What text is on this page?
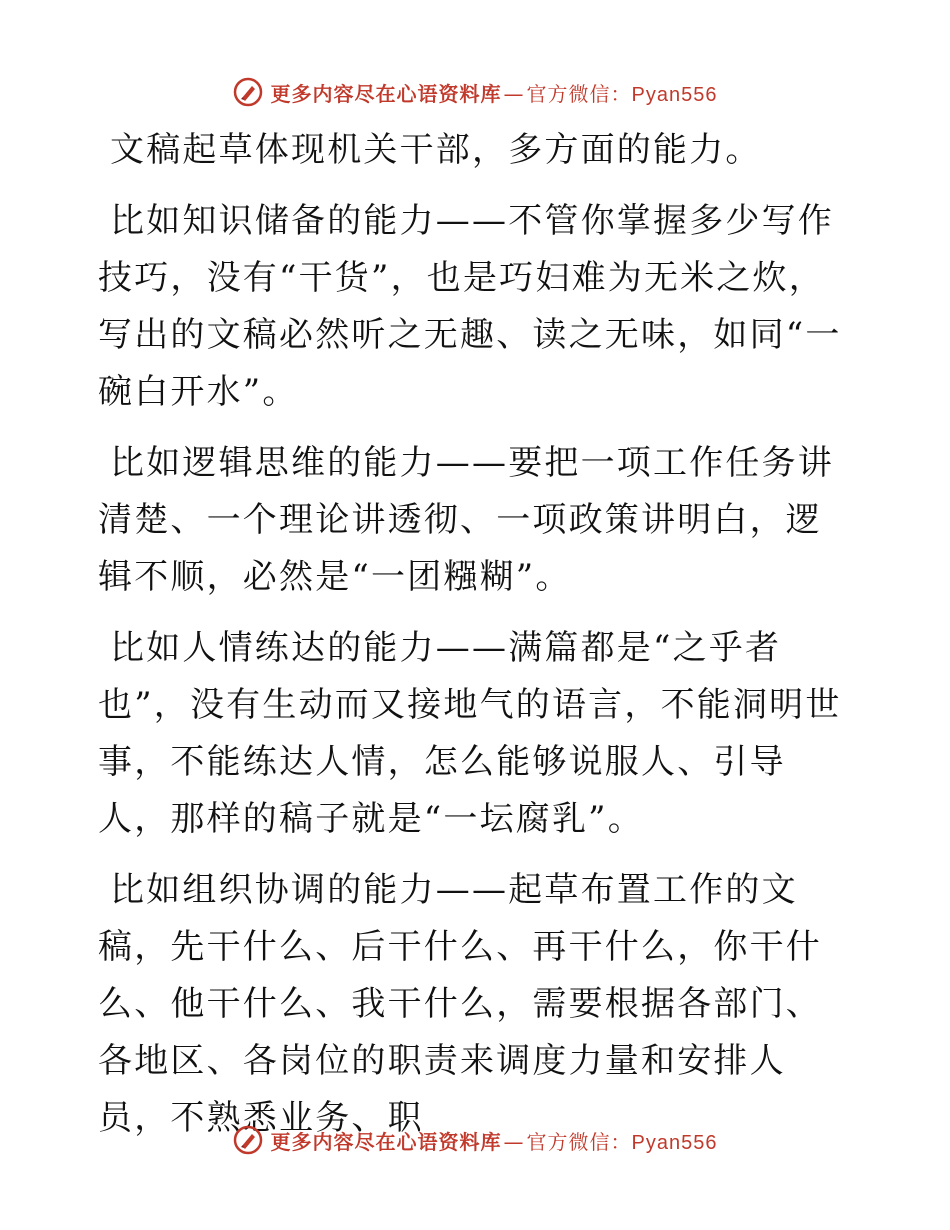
更多内容尽在心语资料库 — 官方微信： Pyan556

文稿起草体现机关干部，多方面的能力。

比如知识储备的能力——不管你掌握多少写作技巧，没有“干货”，也是巧妇难为无米之炊，写出的文稿必然听之无趣、读之无味，如同“一碗白开水”。

比如逻辑思维的能力——要把一项工作任务讲清楚、一个理论讲透彻、一项政策讲明白，逻辑不顺，必然是“一团糨糊”。

比如人情练达的能力——满篇都是“之乎者也”，没有生动而又接地气的语言，不能洞明世事，不能练达人情，怎么能够说服人、引导人，那样的稿子就是“一坛腐乳”。

比如组织协调的能力——起草布置工作的文稿，先干什么、后干什么、再干什么，你干什么、他干什么、我干什么，需要根据各部门、各地区、各岗位的职责来调度力量和安排人员，不熟悉业务、职

更多内容尽在心语资料库 — 官方微信： Pyan556
